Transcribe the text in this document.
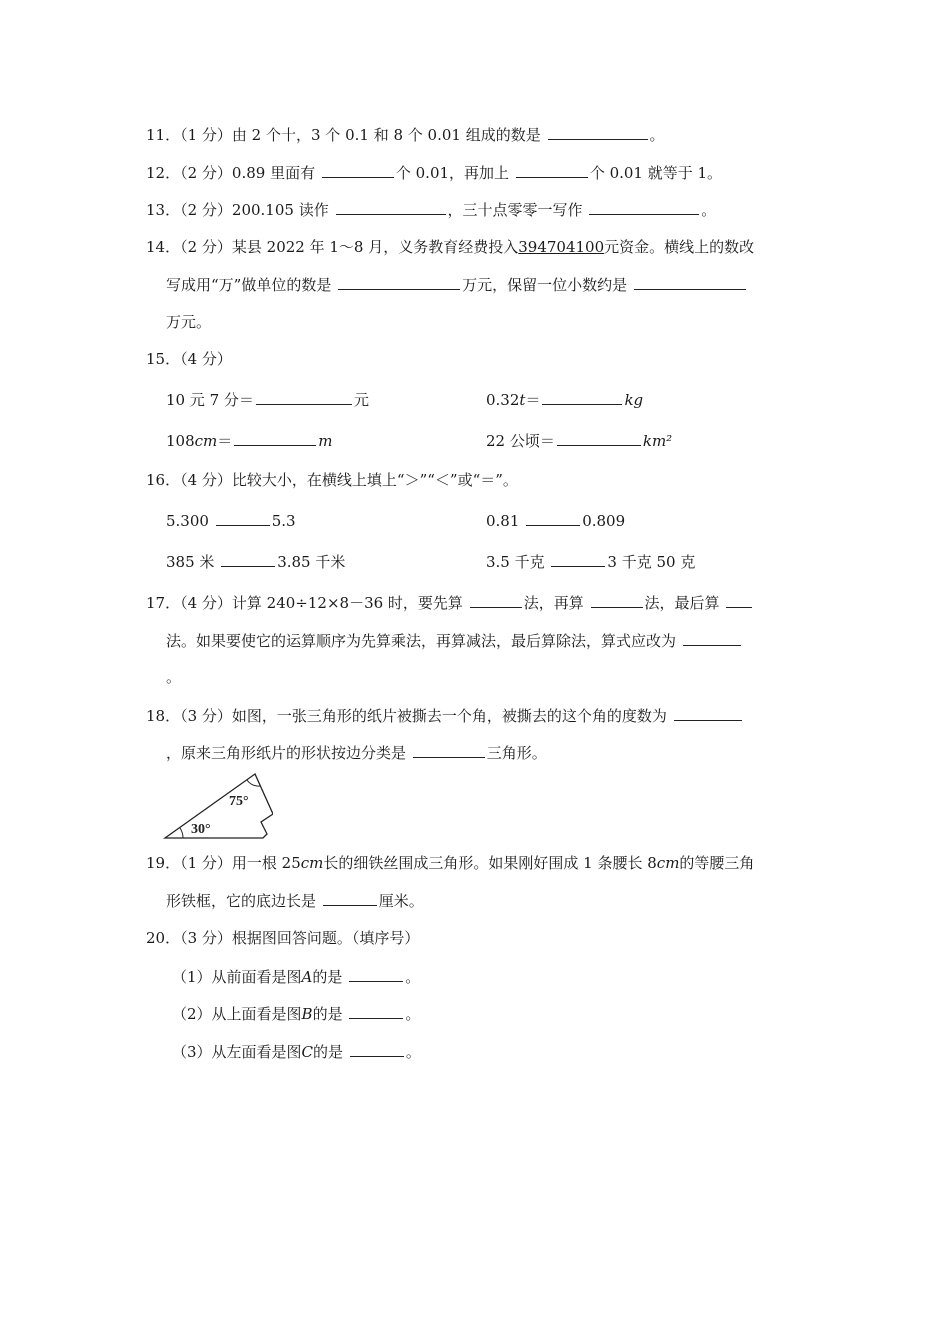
11．（1 分）由 2 个十，3 个 0.1 和 8 个 0.01 组成的数是	。
12．（2 分）0.89 里面有	个 0.01，再加上	个 0.01 就等于 1。
13．（2 分）200.105 读作	，三十点零零一写作	。
14．（2 分）某县 2022 年 1～8 月，义务教育经费投入394704100元资金。横线上的数改
写成用“万”做单位的数是	万元，保留一位小数约是
万元。
15．（4 分）
10 元 7 分＝	元	0.32t＝	kg
108cm＝	m	22 公顷＝	km²
16．（4 分）比较大小，在横线上填上“＞”“＜”或“＝”。
5.300	5.3	0.81	0.809
385 米	3.85 千米	3.5 千克	3 千克 50 克
17．（4 分）计算 240÷12×8－36 时，要先算	法，再算	法，最后算
法。如果要使它的运算顺序为先算乘法，再算减法，最后算除法，算式应改为
。
18．（3 分）如图，一张三角形的纸片被撕去一个角，被撕去的这个角的度数为
，原来三角形纸片的形状按边分类是	三角形。
75°
30°
19．（1 分）用一根 25cm长的细铁丝围成三角形。如果刚好围成 1 条腰长 8cm的等腰三角
形铁框，它的底边长是	厘米。
20．（3 分）根据图回答问题。（填序号）
（1）从前面看是图A的是	。
（2）从上面看是图B的是	。
（3）从左面看是图C的是	。
